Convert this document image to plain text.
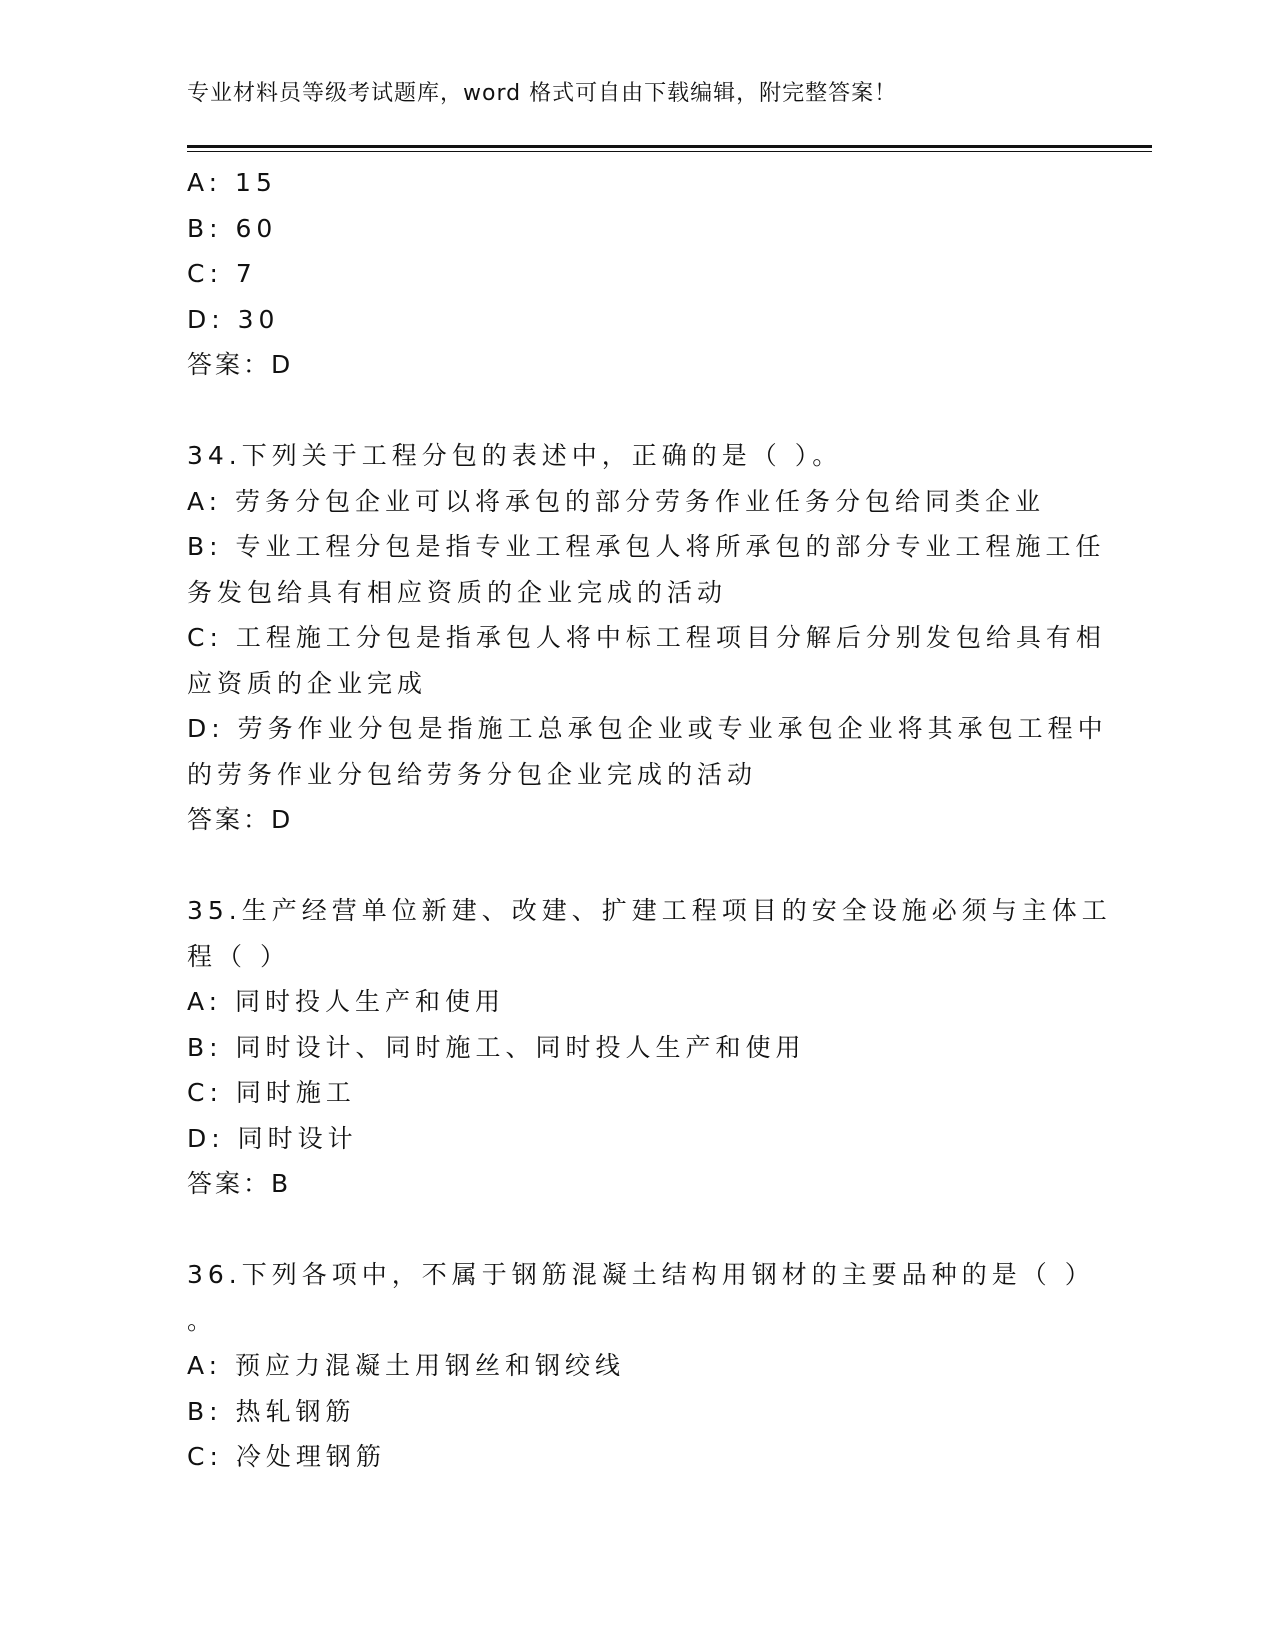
专业材料员等级考试题库，word 格式可自由下载编辑，附完整答案！
A: 15
B: 60
C: 7
D: 30
答案：D
34.下列关于工程分包的表述中，正确的是（ ）。
A: 劳务分包企业可以将承包的部分劳务作业任务分包给同类企业
B: 专业工程分包是指专业工程承包人将所承包的部分专业工程施工任
务发包给具有相应资质的企业完成的活动
C: 工程施工分包是指承包人将中标工程项目分解后分别发包给具有相
应资质的企业完成
D: 劳务作业分包是指施工总承包企业或专业承包企业将其承包工程中
的劳务作业分包给劳务分包企业完成的活动
答案：D
35.生产经营单位新建、改建、扩建工程项目的安全设施必须与主体工
程（ ）
A: 同时投人生产和使用
B: 同时设计、同时施工、同时投人生产和使用
C: 同时施工
D: 同时设计
答案：B
36.下列各项中，不属于钢筋混凝土结构用钢材的主要品种的是（ ）
。
A: 预应力混凝土用钢丝和钢绞线
B: 热轧钢筋
C: 冷处理钢筋
